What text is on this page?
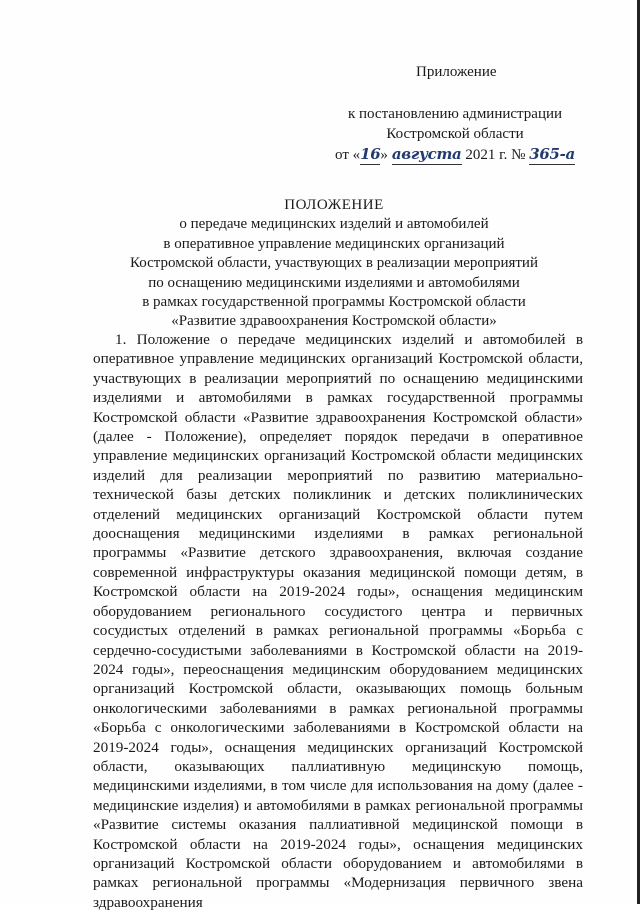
Приложение
к постановлению администрации
Костромской области
от «16» августа 2021 г. № 365-а
ПОЛОЖЕНИЕ
о передаче медицинских изделий и автомобилей
в оперативное управление медицинских организаций
Костромской области, участвующих в реализации мероприятий
по оснащению медицинскими изделиями и автомобилями
в рамках государственной программы Костромской области
«Развитие здравоохранения Костромской области»

1. Положение о передаче медицинских изделий и автомобилей в оперативное управление медицинских организаций Костромской области, участвующих в реализации мероприятий по оснащению медицинскими изделиями и автомобилями в рамках государственной программы Костромской области «Развитие здравоохранения Костромской области» (далее - Положение), определяет порядок передачи в оперативное управление медицинских организаций Костромской области медицинских изделий для реализации мероприятий по развитию материально-технической базы детских поликлиник и детских поликлинических отделений медицинских организаций Костромской области путем дооснащения медицинскими изделиями в рамках региональной программы «Развитие детского здравоохранения, включая создание современной инфраструктуры оказания медицинской помощи детям, в Костромской области на 2019-2024 годы», оснащения медицинским оборудованием регионального сосудистого центра и первичных сосудистых отделений в рамках региональной программы «Борьба с сердечно-сосудистыми заболеваниями в Костромской области на 2019-2024 годы», переоснащения медицинским оборудованием медицинских организаций Костромской области, оказывающих помощь больным онкологическими заболеваниями в рамках региональной программы «Борьба с онкологическими заболеваниями в Костромской области на 2019-2024 годы», оснащения медицинских организаций Костромской области, оказывающих паллиативную медицинскую помощь, медицинскими изделиями, в том числе для использования на дому (далее - медицинские изделия) и автомобилями в рамках региональной программы «Развитие системы оказания паллиативной медицинской помощи в Костромской области на 2019-2024 годы», оснащения медицинских организаций Костромской области оборудованием и автомобилями в рамках региональной программы «Модернизация первичного звена здравоохранения
